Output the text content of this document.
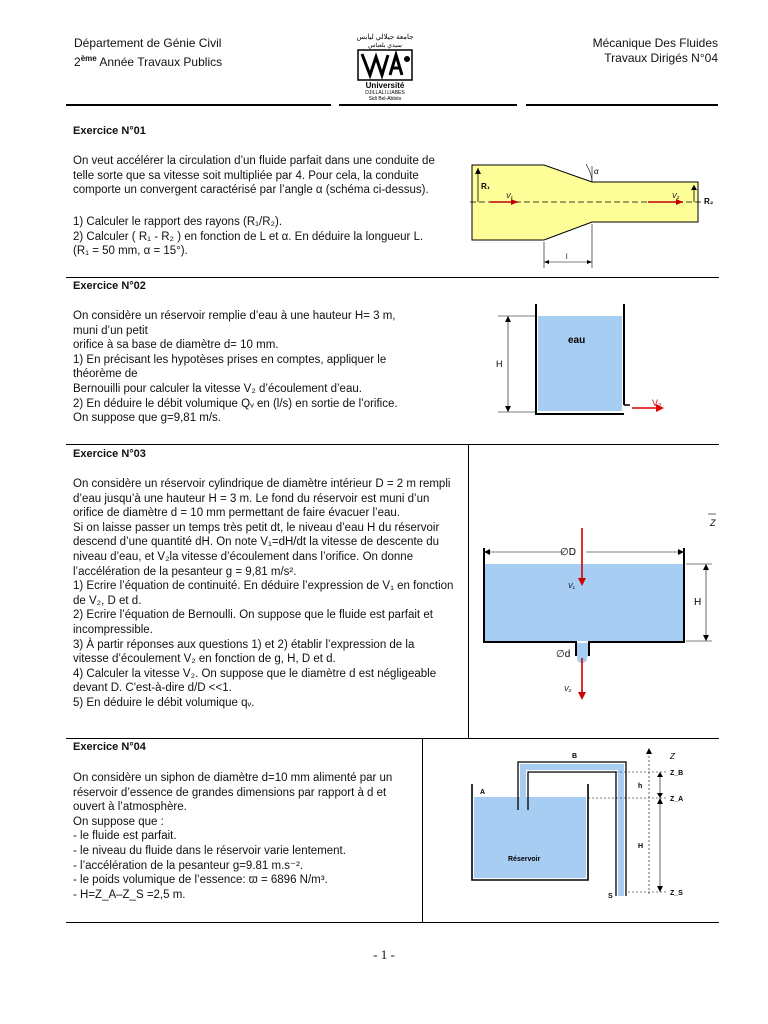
Département de Génie Civil
2ème Année Travaux Publics
Mécanique Des Fluides
Travaux Dirigés N°04
جامعة جيلالي ليابس
سيدي بلعباس
Université
DJILLALI LIABES
Sidi Bel-Abbès
Exercice N°01
On veut accélérer la circulation d’un fluide parfait dans une conduite de telle sorte que sa vitesse soit multipliée par 4. Pour cela, la conduite comporte un convergent caractérisé par l’angle α (schéma ci-dessus).

1) Calculer le rapport des rayons (R₁/R₂).

2) Calculer ( R₁ - R₂ ) en fonction de L et α. En déduire la longueur L.

(R₁ = 50 mm, α = 15°).

R₁
R₂
V₁	V₂
α
l
Exercice N°02

On considère un réservoir remplie d’eau à une hauteur H= 3 m,

muni d’un petit

orifice à sa base de diamètre d= 10 mm.

1) En précisant les hypotèses prises en comptes, appliquer le

théorème de

Bernouilli pour calculer la vitesse V₂ d’écoulement d’eau.

2) En déduire le débit volumique Qᵥ en (l/s) en sortie de l’orifice.

On suppose que g=9,81 m/s.

eau
H
V₂
Exercice N°03

On considère un réservoir cylindrique de diamètre intérieur D = 2 m rempli

d’eau jusqu’à une hauteur H = 3 m. Le fond du réservoir est muni d’un

orifice de diamètre d = 10 mm permettant de faire évacuer l’eau.

Si on laisse passer un temps très petit dt, le niveau d’eau H du réservoir

descend d’une quantité dH. On note V₁=dH/dt la vitesse de descente du

niveau d’eau, et V₂la vitesse d’écoulement dans l’orifice. On donne

l’accélération de la pesanteur g = 9,81 m/s².

1) Ecrire l’équation de continuité. En déduire l’expression de V₁ en fonction

de V₂, D et d.

2) Ecrire l’équation de Bernoulli. On suppose que le fluide est parfait et

incompressible.

3) À partir réponses aux questions 1) et 2) établir l’expression de la

vitesse d’écoulement V₂ en fonction de g, H, D et d.

4) Calculer la vitesse V₂. On suppose que le diamètre d est négligeable

devant D. C'est-à-dire d/D <<1.

5) En déduire le débit volumique qᵥ.

Z
∅D
V₁
V₂
∅d
H
Exercice N°04

On considère un siphon de diamètre d=10 mm alimenté par un

réservoir d’essence de grandes dimensions par rapport à d et

ouvert à l’atmosphère.

On suppose que :

- le fluide est parfait.

- le niveau du fluide dans le réservoir varie lentement.

- l’accélération de la pesanteur g=9.81 m.s⁻².

- le poids volumique de l’essence: ϖ = 6896 N/m³.

- H=Z_A–Z_S =2,5 m.

B
A
S
Réservoir
Z
h
H
Z_B
Z_A
Z_S
- 1 -
